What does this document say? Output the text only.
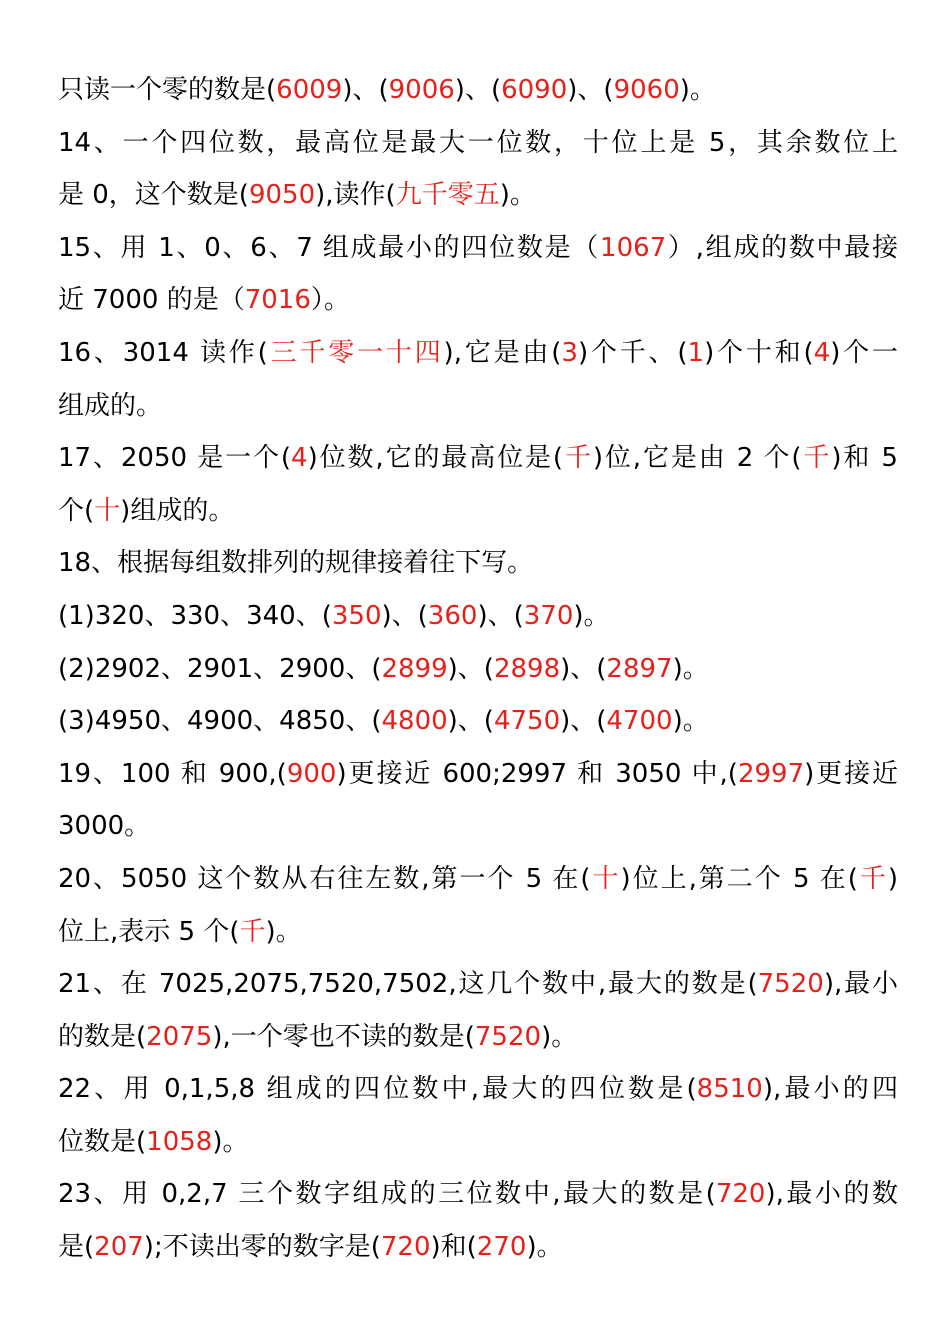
只读一个零的数是(6009)、(9006)、(6090)、(9060)。
14、一个四位数，最高位是最大一位数，十位上是 5，其余数位上
是 0，这个数是(9050),读作(九千零五)。
15、用 1、0、6、7 组成最小的四位数是（1067）,组成的数中最接
近 7000 的是（7016）。
16、3014 读作(三千零一十四),它是由(3)个千、(1)个十和(4)个一
组成的。
17、2050 是一个(4)位数,它的最高位是(千)位,它是由 2 个(千)和 5
个(十)组成的。
18、根据每组数排列的规律接着往下写。
(1)320、330、340、(350)、(360)、(370)。
(2)2902、2901、2900、(2899)、(2898)、(2897)。
(3)4950、4900、4850、(4800)、(4750)、(4700)。
19、100 和 900,(900)更接近 600;2997 和 3050 中,(2997)更接近
3000。
20、5050 这个数从右往左数,第一个 5 在(十)位上,第二个 5 在(千)
位上,表示 5 个(千)。
21、在 7025,2075,7520,7502,这几个数中,最大的数是(7520),最小
的数是(2075),一个零也不读的数是(7520)。
22、用 0,1,5,8 组成的四位数中,最大的四位数是(8510),最小的四
位数是(1058)。
23、用 0,2,7 三个数字组成的三位数中,最大的数是(720),最小的数
是(207);不读出零的数字是(720)和(270)。
